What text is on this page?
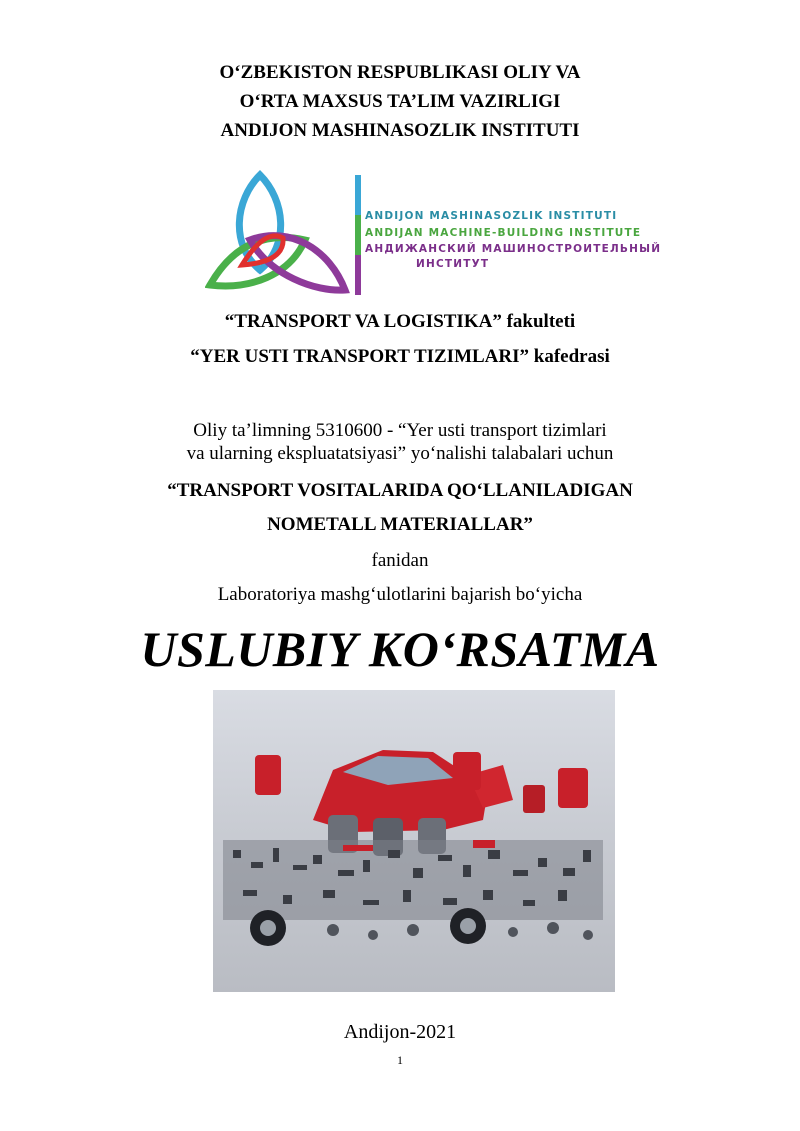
O‘ZBEKISTON RESPUBLIKASI OLIY VA
O‘RTA MAXSUS TA’LIM VAZIRLIGI
ANDIJON MASHINASOZLIK INSTITUTI
ANDIJON MASHINASOZLIK INSTITUTI
ANDIJAN MACHINE-BUILDING INSTITUTE
АНДИЖАНСКИЙ МАШИНОСТРОИТЕЛЬНЫЙ
ИНСТИТУТ
“TRANSPORT VA LOGISTIKA” fakulteti
“YER USTI TRANSPORT TIZIMLARI” kafedrasi
Oliy ta’limning 5310600 - “Yer usti transport tizimlari
va ularning ekspluatatsiyasi” yo‘nalishi talabalari uchun
“TRANSPORT VOSITALARIDA QO‘LLANILADIGAN
NOMETALL MATERIALLAR”
fanidan
Laboratoriya mashg‘ulotlarini bajarish bo‘yicha
USLUBIY KO‘RSATMA
Andijon-2021
1
